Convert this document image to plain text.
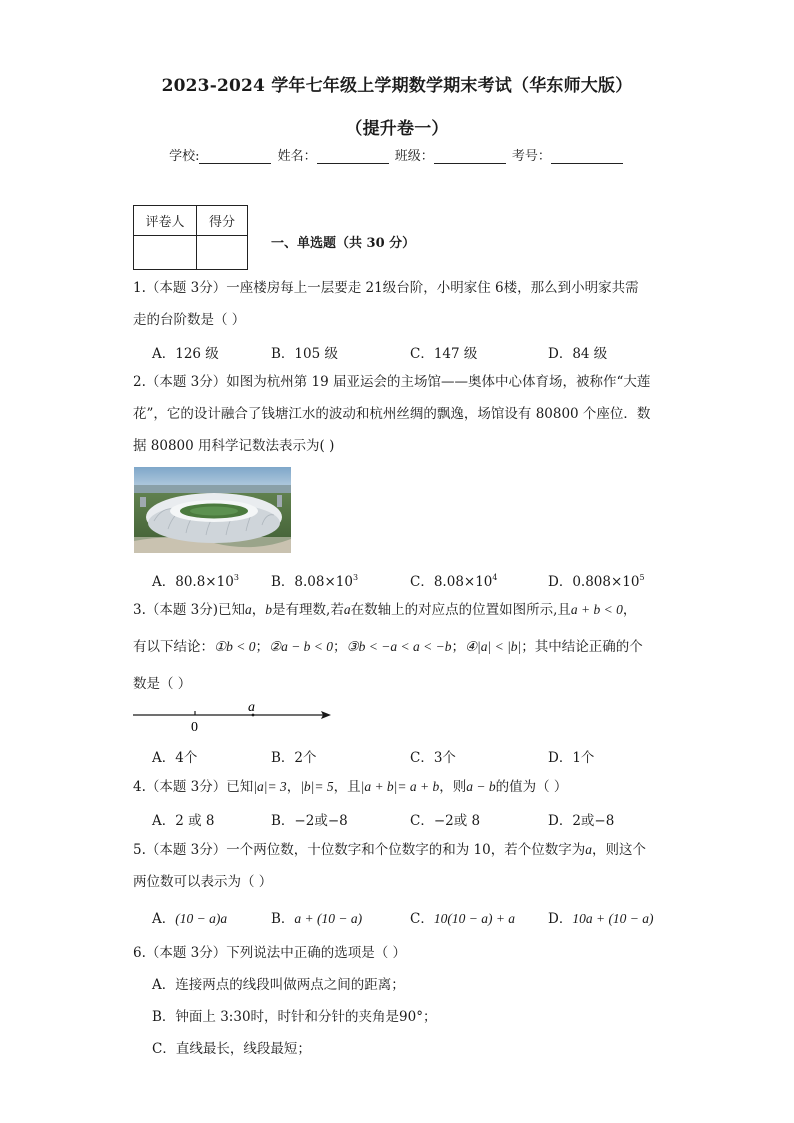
2023-2024 学年七年级上学期数学期末考试（华东师大版）
（提升卷一）
学校:	姓名：	班级：	考号：
评卷人	得分

一、单选题（共 30 分）
1.（本题 3分）一座楼房每上一层要走 21级台阶，小明家住 6楼，那么到小明家共需
走的台阶数是（ ）
A．126 级	B．105 级	C．147 级	D．84 级
2.（本题 3分）如图为杭州第 19 届亚运会的主场馆——奥体中心体育场，被称作“大莲
花”，它的设计融合了钱塘江水的波动和杭州丝绸的飘逸，场馆设有 80800 个座位．数
据 80800 用科学记数法表示为( )
A．$80.8\times 10^3$ B．$8.08\times 10^3$	C．$8.08\times 10^4$	D．$0.808\times 10^5$
3.（本题 3分)已知a，b是有理数,若a在数轴上的对应点的位置如图所示,且a + b < 0，
有以下结论：①b < 0；②a − b < 0；③b < −a < a < −b；④|a| < |b|；其中结论正确的个
数是（ ）
0
a
A．4个	B．2个	C．3个	D．1个
4.（本题 3分）已知|a|= 3，|b|= 5，且|a + b|= a + b，则a − b的值为（ ）
A．2 或 8	B．−2或−8	C．−2或 8	D．2或−8
5.（本题 3分）一个两位数，十位数字和个位数字的和为 10，若个位数字为a，则这个
两位数可以表示为（ ）
A．(10 − a)a	B．a + (10 − a)	C．10(10 − a) + a D．10a + (10 − a)
6.（本题 3分）下列说法中正确的选项是（ ）
A．连接两点的线段叫做两点之间的距离；
B．钟面上 3:30时，时针和分针的夹角是90°；
C．直线最长，线段最短；
